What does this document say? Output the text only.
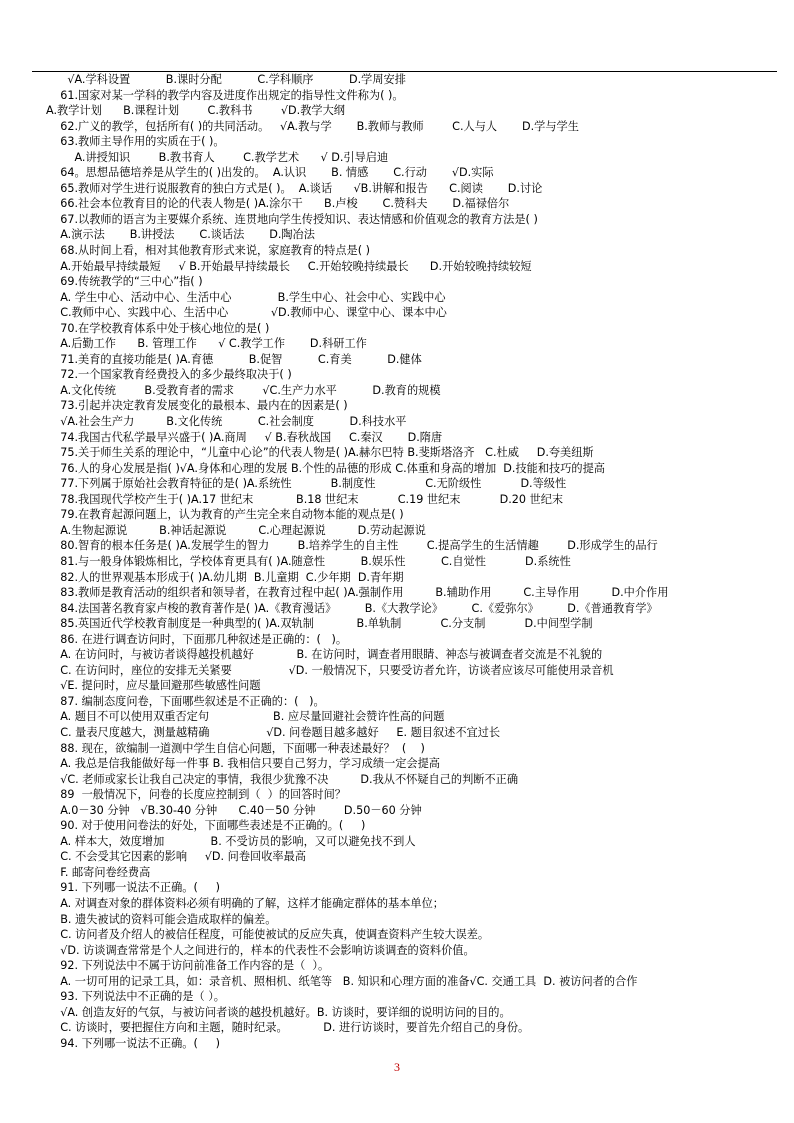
√A.学科设置          B.课时分配          C.学科顺序          D.学周安排
61.国家对某一学科的教学内容及进度作出规定的指导性文件称为( )。
A.教学计划      B.课程计划        C.教科书        √D.教学大纲
62.广义的教学，包括所有( )的共同活动。   √A.教与学       B.教师与教师        C.人与人       D.学与学生
63.教师主导作用的实质在于( )。
A.讲授知识        B.教书育人        C.教学艺术      √ D.引导启迪
64。思想品德培养是从学生的( )出发的。  A.认识       B. 情感       C.行动       √D.实际
65.教师对学生进行说服教育的独白方式是( )。  A.谈话      √B.讲解和报告      C.阅读       D.讨论
66.社会本位教育目的论的代表人物是( )A.涂尔干      B.卢梭       C.赞科夫       D.福禄倍尔
67.以教师的语言为主要媒介系统、连贯地向学生传授知识、表达情感和价值观念的教育方法是( )
A.演示法       B.讲授法       C.谈话法       D.陶冶法
68.从时间上看，相对其他教育形式来说，家庭教育的特点是( )
A.开始最早持续最短     √ B.开始最早持续最长     C.开始较晚持续最长      D.开始较晚持续较短
69.传统教学的“三中心”指( )
A. 学生中心、活动中心、生活中心             B.学生中心、社会中心、实践中心
C.教师中心、实践中心、生活中心            √D.教师中心、课堂中心、课本中心
70.在学校教育体系中处于核心地位的是( )
A.后勤工作      B. 管理工作      √ C.教学工作       D.科研工作
71.美育的直接功能是( )A.育德          B.促智          C.育美          D.健体
72.一个国家教育经费投入的多少最终取决于( )
A.文化传统        B.受教育者的需求        √C.生产力水平          D.教育的规模
73.引起并决定教育发展变化的最根本、最内在的因素是( )
√A.社会生产力         B.文化传统          C.社会制度          D.科技水平
74.我国古代私学最早兴盛于( )A.商周     √ B.春秋战国     C.秦汉       D.隋唐
75.关于师生关系的理论中，“儿童中心论”的代表人物是( )A.赫尔巴特 B.斐斯塔洛齐   C.杜威     D.夸美纽斯
76.人的身心发展是指( )√A.身体和心理的发展 B.个性的品德的形成 C.体重和身高的增加  D.技能和技巧的提高
77.下列属于原始社会教育特征的是( )A.系统性           B.制度性              C.无阶级性           D.等级性
78.我国现代学校产生于( )A.17 世纪末            B.18 世纪末           C.19 世纪末           D.20 世纪末
79.在教育起源问题上，认为教育的产生完全来自动物本能的观点是( )
A.生物起源说         B.神话起源说         C.心理起源说         D.劳动起源说
80.智育的根本任务是( )A.发展学生的智力        B.培养学生的自主性        C.提高学生的生活情趣        D.形成学生的品行
81.与一般身体锻炼相比，学校体育更具有( )A.随意性          B.娱乐性          C.自觉性           D.系统性
82.人的世界观基本形成于( )A.幼儿期  B.儿童期  C.少年期  D.青年期
83.教师是教育活动的组织者和领导者，在教育过程中起( )A.强制作用         B.辅助作用         C.主导作用         D.中介作用
84.法国著名教育家卢梭的教育著作是( )A.《教育漫话》        B.《大教学论》        C.《爱弥尔》        D.《普通教育学》
85.英国近代学校教育制度是一种典型的( )A.双轨制            B.单轨制           C.分支制           D.中间型学制
86. 在进行调查访问时，下面那几种叙述是正确的：(   )。
A. 在访问时，与被访者谈得越投机越好            B. 在访问时，调查者用眼睛、神态与被调查者交流是不礼貌的
C. 在访问时，座位的安排无关紧要                √D. 一般情况下，只要受访者允许，访谈者应该尽可能使用录音机
√E. 提问时，应尽量回避那些敏感性问题
87. 编制态度问卷，下面哪些叙述是不正确的：(   )。
A. 题目不可以使用双重否定句                  B. 应尽量回避社会赞许性高的问题
C. 量表尺度越大，测量越精确                √D. 问卷题目越多越好     E. 题目叙述不宜过长
88. 现在，欲编制一道测中学生自信心问题，下面哪一种表述最好？  (    )
A. 我总是信我能做好每一件事 B. 我相信只要自己努力，学习成绩一定会提高
√C. 老师或家长让我自己决定的事情，我很少犹豫不决         D.我从不怀疑自己的判断不正确
89  一般情况下，问卷的长度应控制到（  ）的回答时间？
A.0－30 分钟   √B.30-40 分钟      C.40－50 分钟        D.50－60 分钟
90. 对于使用问卷法的好处，下面哪些表述是不正确的。(     )
A. 样本大，效度增加             B. 不受访员的影响，又可以避免找不到人
C. 不会受其它因素的影响     √D. 问卷回收率最高
F. 邮寄问卷经费高
91. 下列哪一说法不正确。(     )
A. 对调查对象的群体资料必须有明确的了解，这样才能确定群体的基本单位；
B. 遗失被试的资料可能会造成取样的偏差。
C. 访问者及介绍人的被信任程度，可能使被试的反应失真，使调查资料产生较大误差。
√D. 访谈调查常常是个人之间进行的，样本的代表性不会影响访谈调查的资料价值。
92. 下列说法中不属于访问前准备工作内容的是（  ）。
A. 一切可用的记录工具，如：录音机、照相机、纸笔等   B. 知识和心理方面的准备√C. 交通工具  D. 被访问者的合作
93. 下列说法中不正确的是（ ）。
√A. 创造友好的气氛，与被访问者谈的越投机越好。B. 访谈时，要详细的说明访问的目的。
C. 访谈时，要把握住方向和主题，随时纪录。          D. 进行访谈时，要首先介绍自己的身份。
94. 下列哪一说法不正确。(     )
3
